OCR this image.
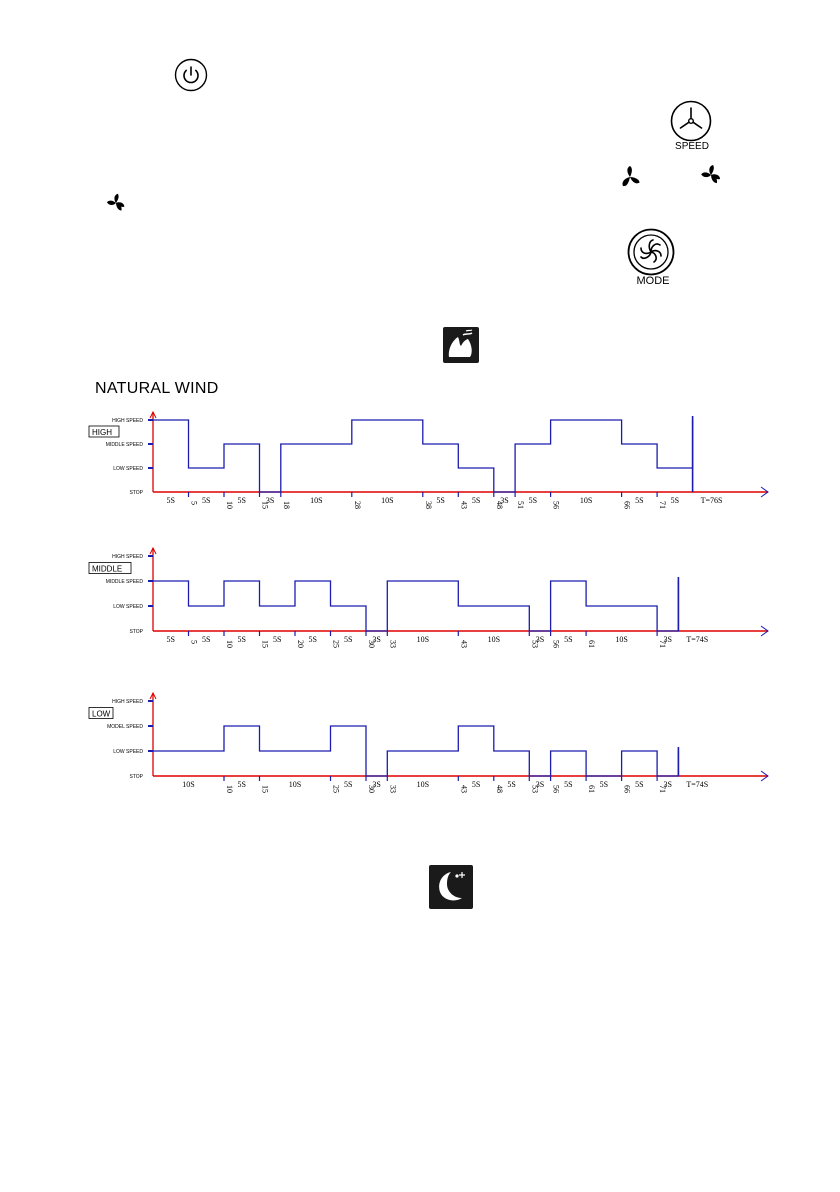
SPEED
MODE
NATURAL WIND
STOP
LOW SPEED
MIDDLE SPEED
HIGH SPEED
HIGH
5	10	15 18	28	38	43	48 51	56	66	71
5S	5S	5S 3S	10S	10S	5S	5S 3S 5S	10S	5S	5S	T=76S
STOP
LOW SPEED
MIDDLE SPEED
HIGH SPEED
MIDDLE
5	10	15	20	25	30 33	43	53 56	61	71
5S	5S	5S	5S	5S	5S 3S	10S	10S	3S 5S	10S	3S T=74S
STOP
LOW SPEED
MODEL SPEED
HIGH SPEED
LOW
10	15	25	30 33	43	48	53 56	61	66	71
10S	5S	10S	5S 3S	10S	5S	5S 3S 5S	5S	5S 3S T=74S
